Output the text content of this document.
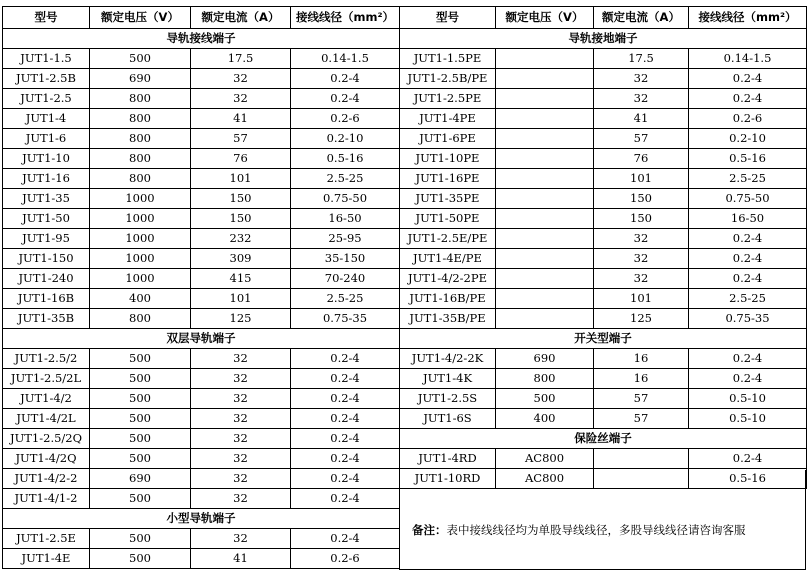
型号	额定电压（V）	额定电流（A）	接线线径（mm²）
导轨接线端子			
JUT1-1.5	500	17.5	0.14-1.5
JUT1-2.5B	690	32	0.2-4
JUT1-2.5	800	32	0.2-4
JUT1-4	800	41	0.2-6
JUT1-6	800	57	0.2-10
JUT1-10	800	76	0.5-16
JUT1-16	800	101	2.5-25
JUT1-35	1000	150	0.75-50
JUT1-50	1000	150	16-50
JUT1-95	1000	232	25-95
JUT1-150	1000	309	35-150
JUT1-240	1000	415	70-240
JUT1-16B	400	101	2.5-25
JUT1-35B	800	125	0.75-35
双层导轨端子			
JUT1-2.5/2	500	32	0.2-4
JUT1-2.5/2L	500	32	0.2-4
JUT1-4/2	500	32	0.2-4
JUT1-4/2L	500	32	0.2-4
JUT1-2.5/2Q	500	32	0.2-4
JUT1-4/2Q	500	32	0.2-4
JUT1-4/2-2	690	32	0.2-4
JUT1-4/1-2	500	32	0.2-4
小型导轨端子			
JUT1-2.5E	500	32	0.2-4
JUT1-4E	500	41	0.2-6
型号	额定电压（V）	额定电流（A）	接线线径（mm²）
导轨接地端子			
JUT1-1.5PE		17.5	0.14-1.5
JUT1-2.5B/PE		32	0.2-4
JUT1-2.5PE		32	0.2-4
JUT1-4PE		41	0.2-6
JUT1-6PE		57	0.2-10
JUT1-10PE		76	0.5-16
JUT1-16PE		101	2.5-25
JUT1-35PE		150	0.75-50
JUT1-50PE		150	16-50
JUT1-2.5E/PE		32	0.2-4
JUT1-4E/PE		32	0.2-4
JUT1-4/2-2PE		32	0.2-4
JUT1-16B/PE		101	2.5-25
JUT1-35B/PE		125	0.75-35
开关型端子			
JUT1-4/2-2K	690	16	0.2-4
JUT1-4K	800	16	0.2-4
JUT1-2.5S	500	57	0.5-10
JUT1-6S	400	57	0.5-10
保险丝端子			
JUT1-4RD	AC800		0.2-4
JUT1-10RD	AC800		0.5-16
备注：表中接线线径均为单股导线线径，多股导线线径请咨询客服
